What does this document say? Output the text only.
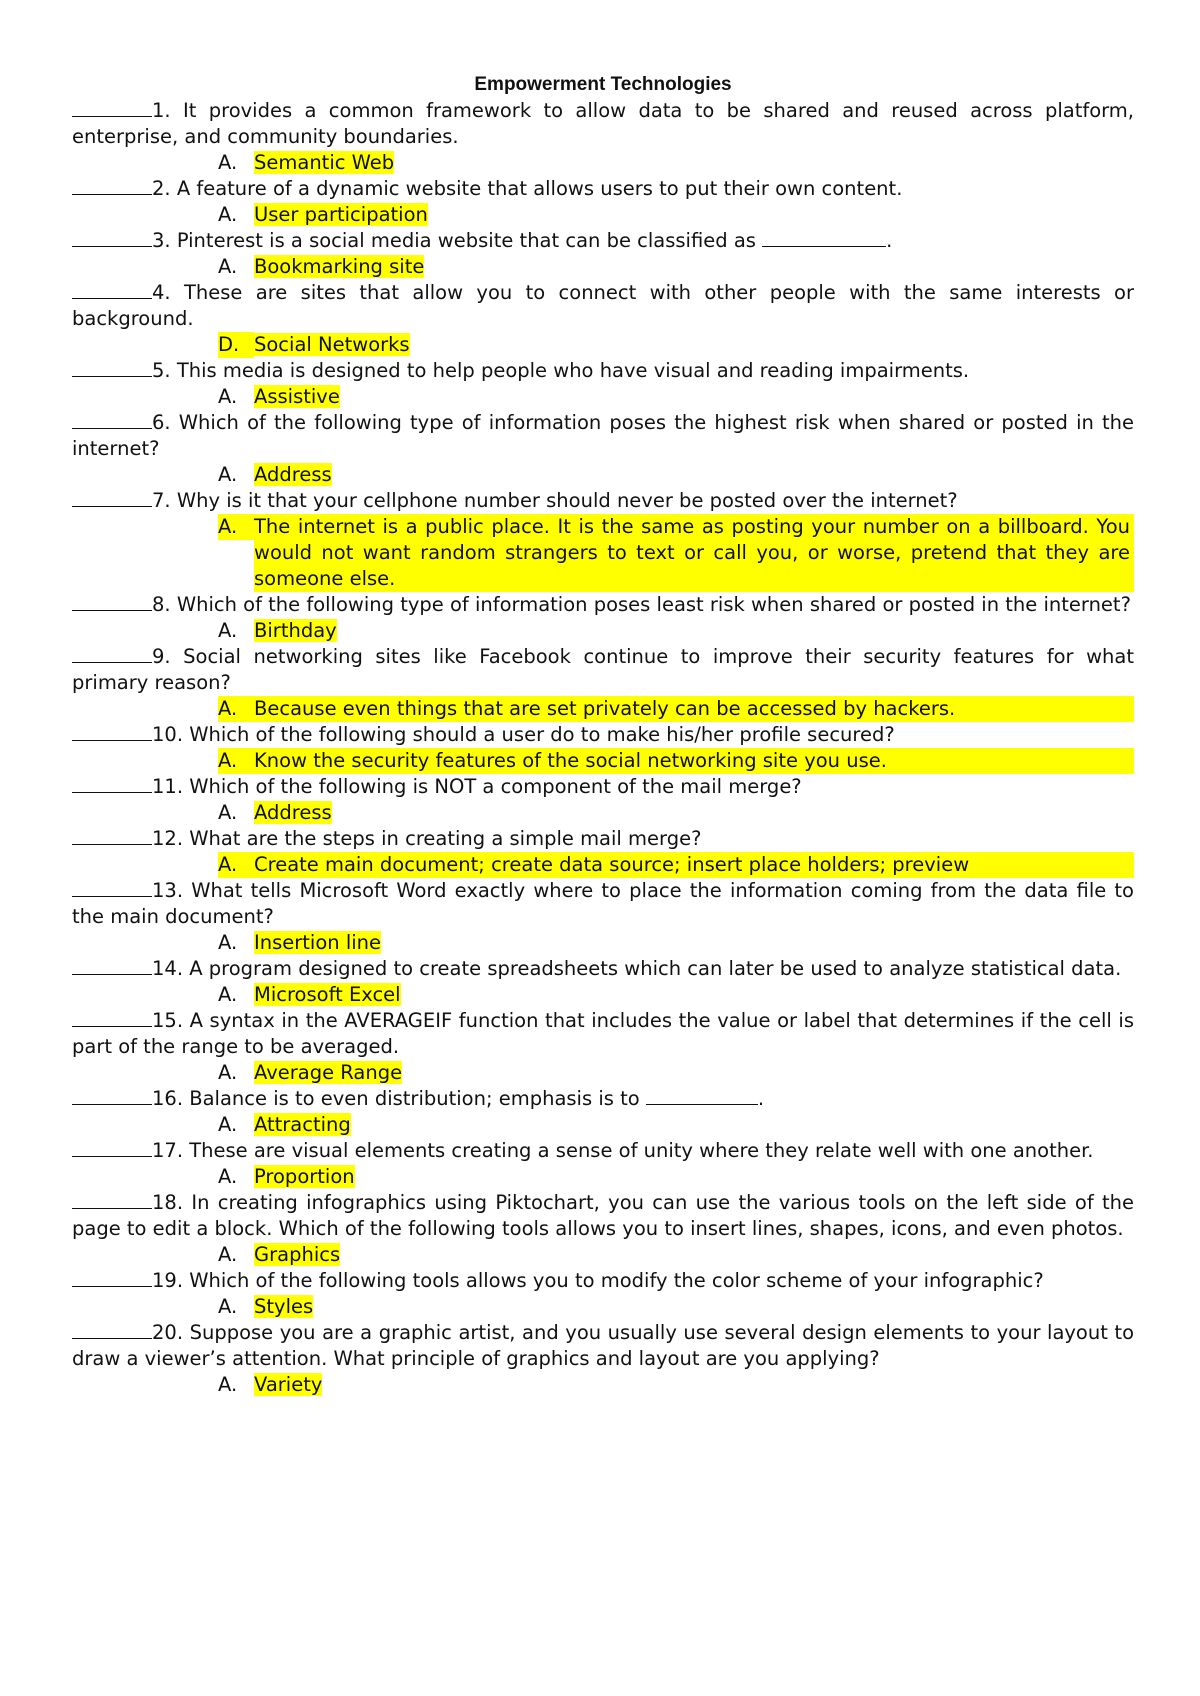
Empowerment Technologies

1. It provides a common framework to allow data to be shared and reused across platform, enterprise, and community boundaries.

A. Semantic Web

2. A feature of a dynamic website that allows users to put their own content.

A. User participation

3. Pinterest is a social media website that can be classified as	.

A. Bookmarking site

4. These are sites that allow you to connect with other people with the same interests or background.

D. Social Networks

5. This media is designed to help people who have visual and reading impairments.

A. Assistive

6. Which of the following type of information poses the highest risk when shared or posted in the internet?

A. Address

7. Why is it that your cellphone number should never be posted over the internet?

A. The internet is a public place. It is the same as posting your number on a billboard. You would not want random strangers to text or call you, or worse, pretend that they are someone else.

8. Which of the following type of information poses least risk when shared or posted in the internet?

A. Birthday

9. Social networking sites like Facebook continue to improve their security features for what primary reason?

A. Because even things that are set privately can be accessed by hackers.

10. Which of the following should a user do to make his/her profile secured?

A. Know the security features of the social networking site you use.

11. Which of the following is NOT a component of the mail merge?

A. Address

12. What are the steps in creating a simple mail merge?

A. Create main document; create data source; insert place holders; preview

13. What tells Microsoft Word exactly where to place the information coming from the data file to the main document?

A. Insertion line

14. A program designed to create spreadsheets which can later be used to analyze statistical data.

A. Microsoft Excel

15. A syntax in the AVERAGEIF function that includes the value or label that determines if the cell is part of the range to be averaged.

A. Average Range

16. Balance is to even distribution; emphasis is to	.

A. Attracting

17. These are visual elements creating a sense of unity where they relate well with one another.

A. Proportion

18. In creating infographics using Piktochart, you can use the various tools on the left side of the page to edit a block. Which of the following tools allows you to insert lines, shapes, icons, and even photos.

A. Graphics

19. Which of the following tools allows you to modify the color scheme of your infographic?

A. Styles

20. Suppose you are a graphic artist, and you usually use several design elements to your layout to draw a viewer’s attention. What principle of graphics and layout are you applying?

A. Variety
